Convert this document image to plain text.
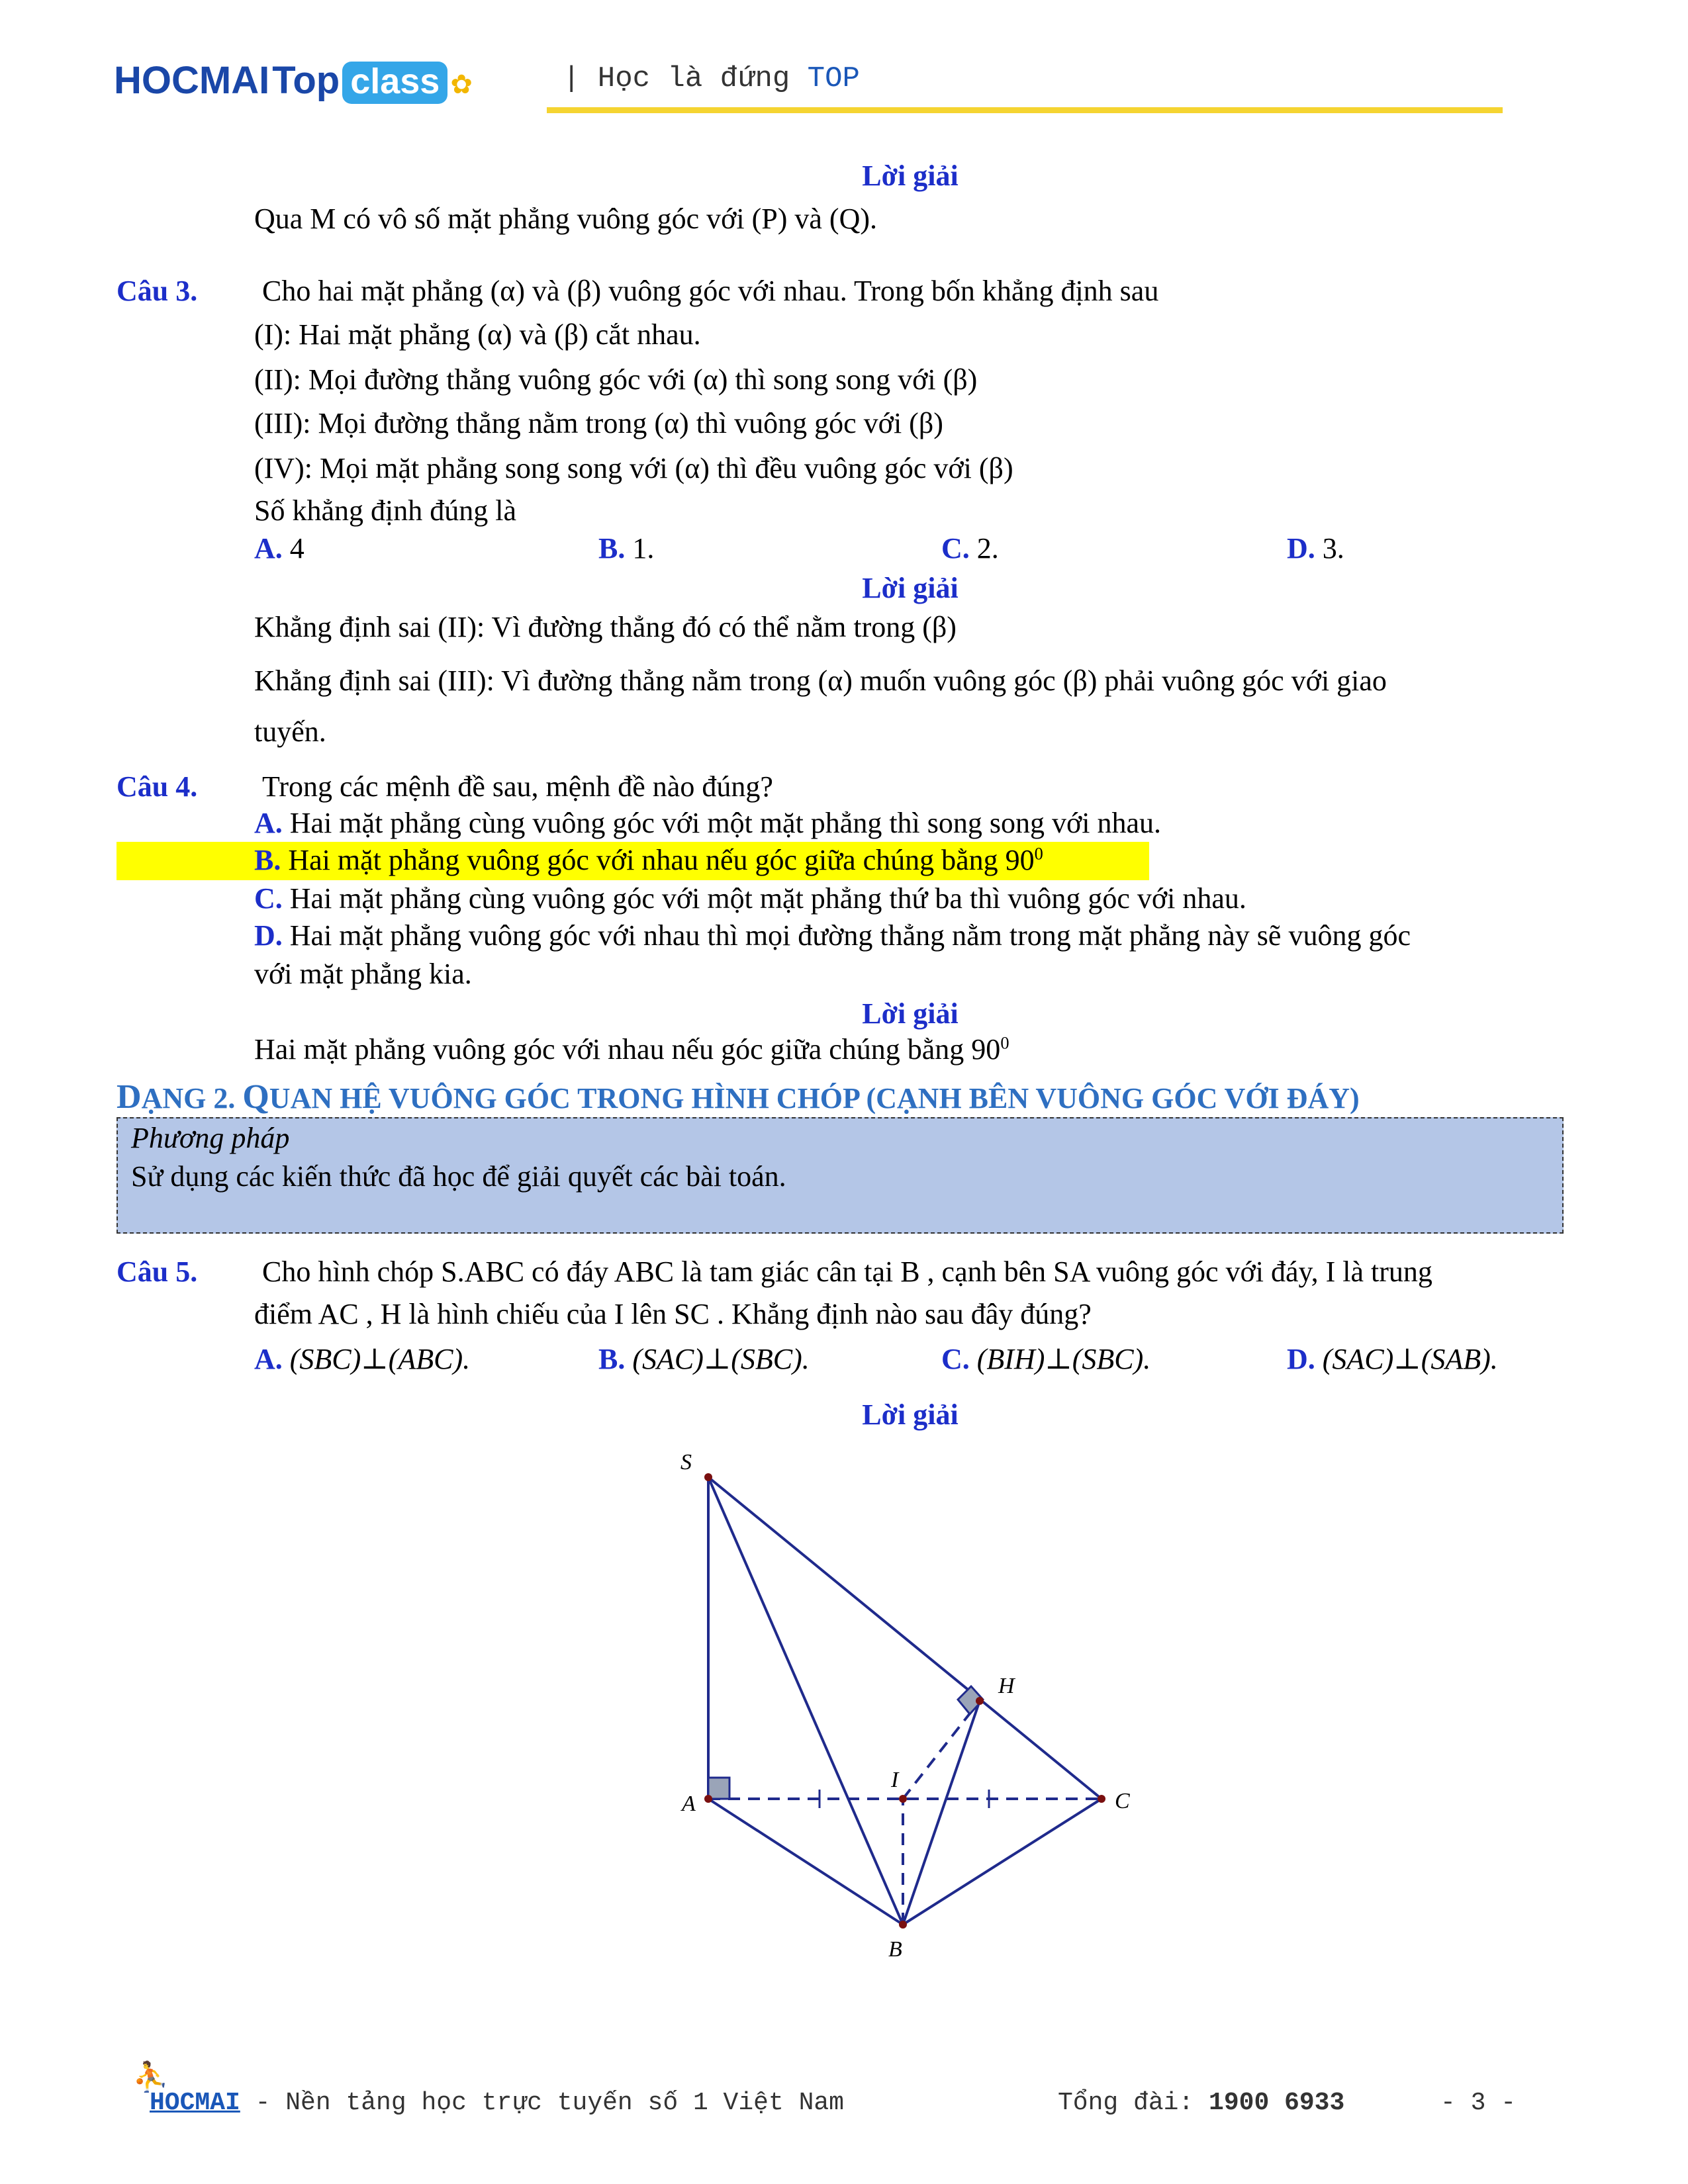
HOCMAI Top class ✿	| Học là đứng TOP
Lời giải
Qua M có vô số mặt phẳng vuông góc với (P) và (Q).
Câu 3. Cho hai mặt phẳng (α) và (β) vuông góc với nhau. Trong bốn khẳng định sau
(I): Hai mặt phẳng (α) và (β) cắt nhau.
(II): Mọi đường thẳng vuông góc với (α) thì song song với (β)
(III): Mọi đường thẳng nằm trong (α) thì vuông góc với (β)
(IV): Mọi mặt phẳng song song với (α) thì đều vuông góc với (β)
Số khẳng định đúng là
A. 4	B. 1.	C. 2.	D. 3.
Lời giải
Khẳng định sai (II): Vì đường thẳng đó có thể nằm trong (β)
Khẳng định sai (III): Vì đường thẳng nằm trong (α) muốn vuông góc (β) phải vuông góc với giao
tuyến.
Câu 4. Trong các mệnh đề sau, mệnh đề nào đúng?
A. Hai mặt phẳng cùng vuông góc với một mặt phẳng thì song song với nhau.
B. Hai mặt phẳng vuông góc với nhau nếu góc giữa chúng bằng $90^0$
C. Hai mặt phẳng cùng vuông góc với một mặt phẳng thứ ba thì vuông góc với nhau.
D. Hai mặt phẳng vuông góc với nhau thì mọi đường thẳng nằm trong mặt phẳng này sẽ vuông góc
với mặt phẳng kia.
Lời giải
Hai mặt phẳng vuông góc với nhau nếu góc giữa chúng bằng $90^0$
DẠNG 2. QUAN HỆ VUÔNG GÓC TRONG HÌNH CHÓP (CẠNH BÊN VUÔNG GÓC VỚI ĐÁY)
Phương pháp
Sử dụng các kiến thức đã học để giải quyết các bài toán.
Câu 5. Cho hình chóp S.ABC có đáy ABC là tam giác cân tại B , cạnh bên SA vuông góc với đáy, I là trung
điểm AC , H là hình chiếu của I lên SC . Khẳng định nào sau đây đúng?
A. (SBC)⊥(ABC).	B. (SAC)⊥(SBC).	C. (BIH)⊥(SBC).	D. (SAC)⊥(SAB).
Lời giải
S
H
I
A	C
B
⛹
HOCMAI - Nền tảng học trực tuyến số 1 Việt Nam	Tổng đài: 1900 6933	- 3 -
